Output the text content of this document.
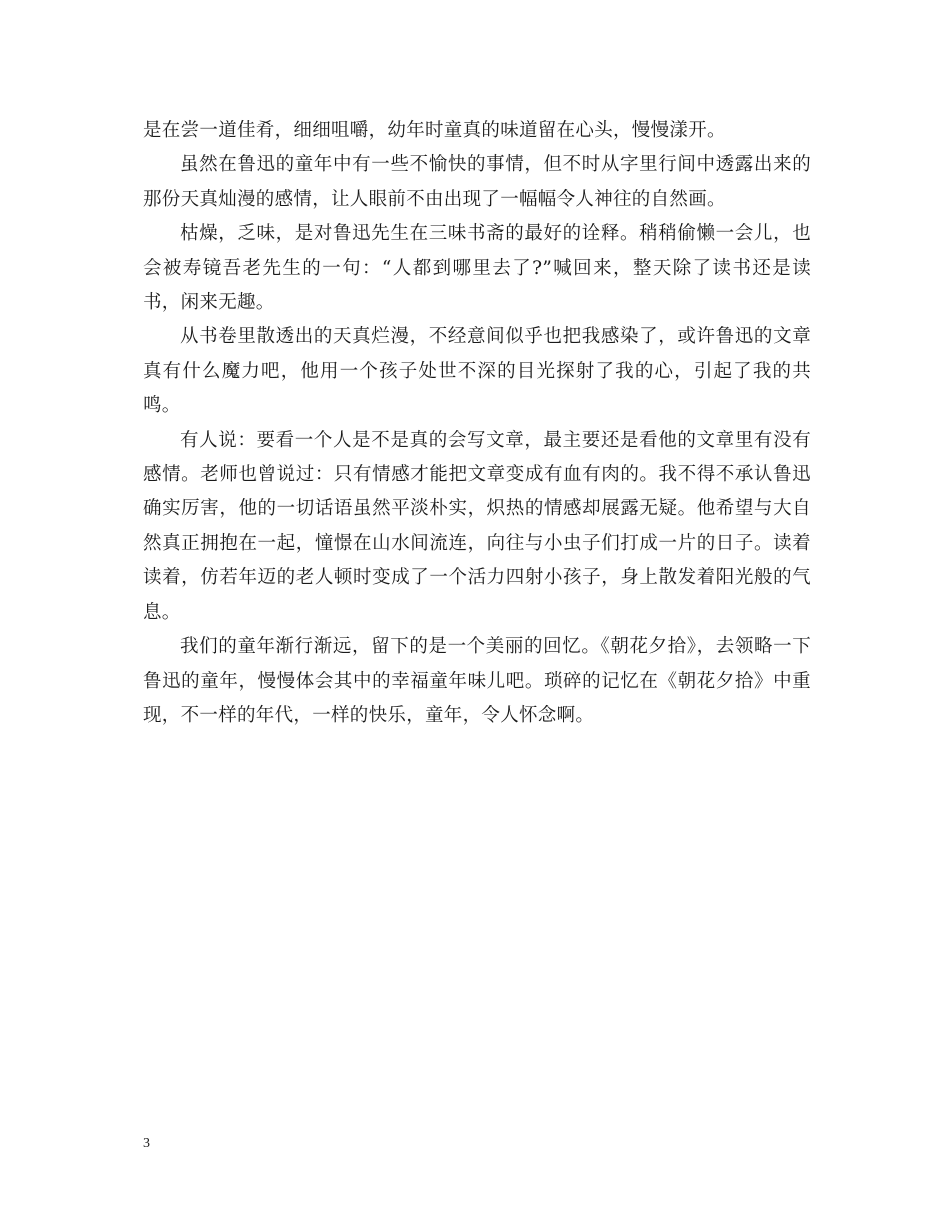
是在尝一道佳肴，细细咀嚼，幼年时童真的味道留在心头，慢慢漾开。

虽然在鲁迅的童年中有一些不愉快的事情，但不时从字里行间中透露出来的那份天真灿漫的感情，让人眼前不由出现了一幅幅令人神往的自然画。

枯燥，乏味，是对鲁迅先生在三味书斋的最好的诠释。稍稍偷懒一会儿，也会被寿镜吾老先生的一句：“人都到哪里去了?”喊回来，整天除了读书还是读书，闲来无趣。

从书卷里散透出的天真烂漫，不经意间似乎也把我感染了，或许鲁迅的文章真有什么魔力吧，他用一个孩子处世不深的目光探射了我的心，引起了我的共鸣。

有人说：要看一个人是不是真的会写文章，最主要还是看他的文章里有没有感情。老师也曾说过：只有情感才能把文章变成有血有肉的。我不得不承认鲁迅确实厉害，他的一切话语虽然平淡朴实，炽热的情感却展露无疑。他希望与大自然真正拥抱在一起，憧憬在山水间流连，向往与小虫子们打成一片的日子。读着读着，仿若年迈的老人顿时变成了一个活力四射小孩子，身上散发着阳光般的气息。

我们的童年渐行渐远，留下的是一个美丽的回忆。《朝花夕拾》，去领略一下鲁迅的童年，慢慢体会其中的幸福童年味儿吧。琐碎的记忆在《朝花夕拾》中重现，不一样的年代，一样的快乐，童年，令人怀念啊。

3
